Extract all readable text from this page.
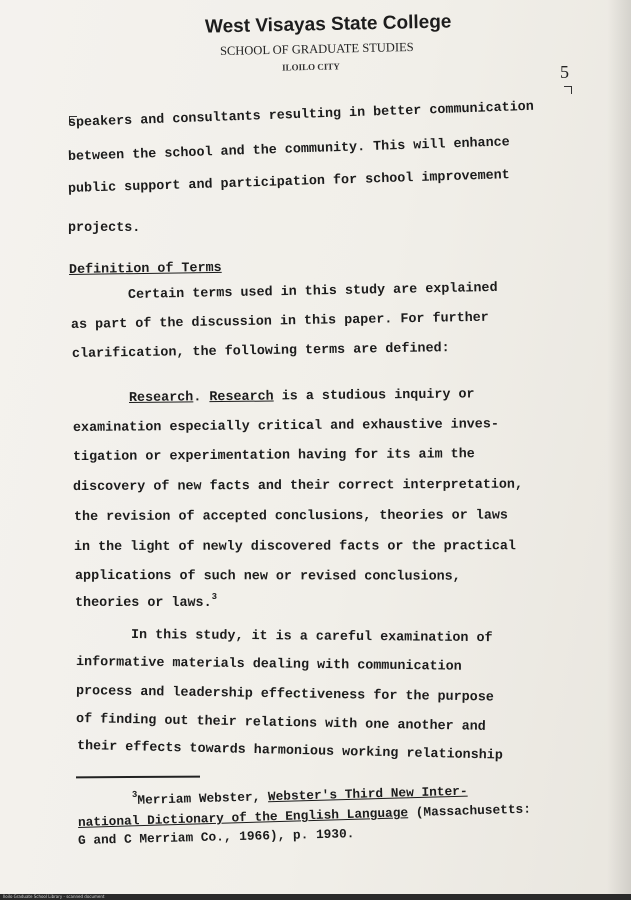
West Visayas State College
SCHOOL OF GRADUATE STUDIES
ILOILO CITY	5
speakers and consultants resulting in better communication
between the school and the community. This will enhance
public support and participation for school improvement
projects.
Definition of Terms
Certain terms used in this study are explained
as part of the discussion in this paper. For further
clarification, the following terms are defined:
Research. Research is a studious inquiry or
examination especially critical and exhaustive inves-
tigation or experimentation having for its aim the
discovery of new facts and their correct interpretation,
the revision of accepted conclusions, theories or laws
in the light of newly discovered facts or the practical
applications of such new or revised conclusions,
theories or laws.$^3$
In this study, it is a careful examination of
informative materials dealing with communication
process and leadership effectiveness for the purpose
of finding out their relations with one another and
their effects towards harmonious working relationship
$^3$Merriam Webster, Webster's Third New Inter-
national Dictionary of the English Language (Massachusetts:
G and C Merriam Co., 1966), p. 1930.
Iloilo Graduate School Library - scanned document
